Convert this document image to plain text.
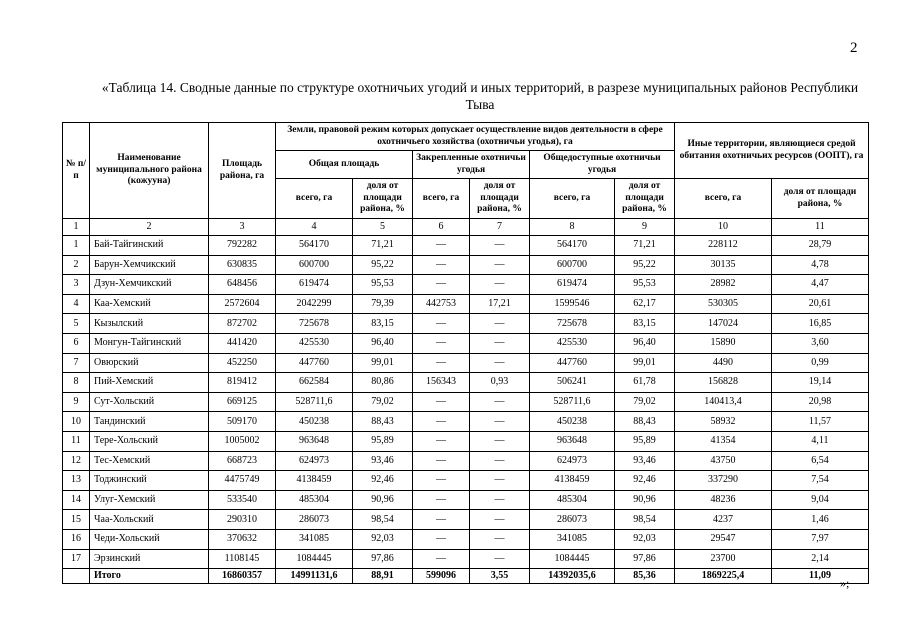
2
«Таблица 14. Сводные данные по структуре охотничьих угодий и иных территорий, в разрезе муниципальных районов Республики Тыва
№ п/п	Наименование муниципального района (кожууна)	Площадь района, га	Земли, правовой режим которых допускает осуществление видов деятельности в сфере охотничьего хозяйства (охотничьи угодья), га						Иные территории, являющиеся средой обитания охотничьих ресурсов (ООПТ), га	
			Общая площадь		Закрепленные охотничьи угодья		Общедоступные охотничьи угодья			
			всего, га	доля от площади района, %	всего, га	доля от площади района, %	всего, га	доля от площади района, %	всего, га	доля от площади района, %
1	2	3	4	5	6	7	8	9	10	11
1	Бай-Тайгинский	792282	564170	71,21	—	—	564170	71,21	228112	28,79
2	Барун-Хемчикский	630835	600700	95,22	—	—	600700	95,22	30135	4,78
3	Дзун-Хемчикский	648456	619474	95,53	—	—	619474	95,53	28982	4,47
4	Каа-Хемский	2572604	2042299	79,39	442753	17,21	1599546	62,17	530305	20,61
5	Кызылский	872702	725678	83,15	—	—	725678	83,15	147024	16,85
6	Монгун-Тайгинский	441420	425530	96,40	—	—	425530	96,40	15890	3,60
7	Овюрский	452250	447760	99,01	—	—	447760	99,01	4490	0,99
8	Пий-Хемский	819412	662584	80,86	156343	0,93	506241	61,78	156828	19,14
9	Сут-Хольский	669125	528711,6	79,02	—	—	528711,6	79,02	140413,4	20,98
10	Тандинский	509170	450238	88,43	—	—	450238	88,43	58932	11,57
11	Тере-Хольский	1005002	963648	95,89	—	—	963648	95,89	41354	4,11
12	Тес-Хемский	668723	624973	93,46	—	—	624973	93,46	43750	6,54
13	Тоджинский	4475749	4138459	92,46	—	—	4138459	92,46	337290	7,54
14	Улуг-Хемский	533540	485304	90,96	—	—	485304	90,96	48236	9,04
15	Чаа-Хольский	290310	286073	98,54	—	—	286073	98,54	4237	1,46
16	Чеди-Хольский	370632	341085	92,03	—	—	341085	92,03	29547	7,97
17	Эрзинский	1108145	1084445	97,86	—	—	1084445	97,86	23700	2,14
	Итого	16860357	14991131,6	88,91	599096	3,55	14392035,6	85,36	1869225,4	11,09
»;
